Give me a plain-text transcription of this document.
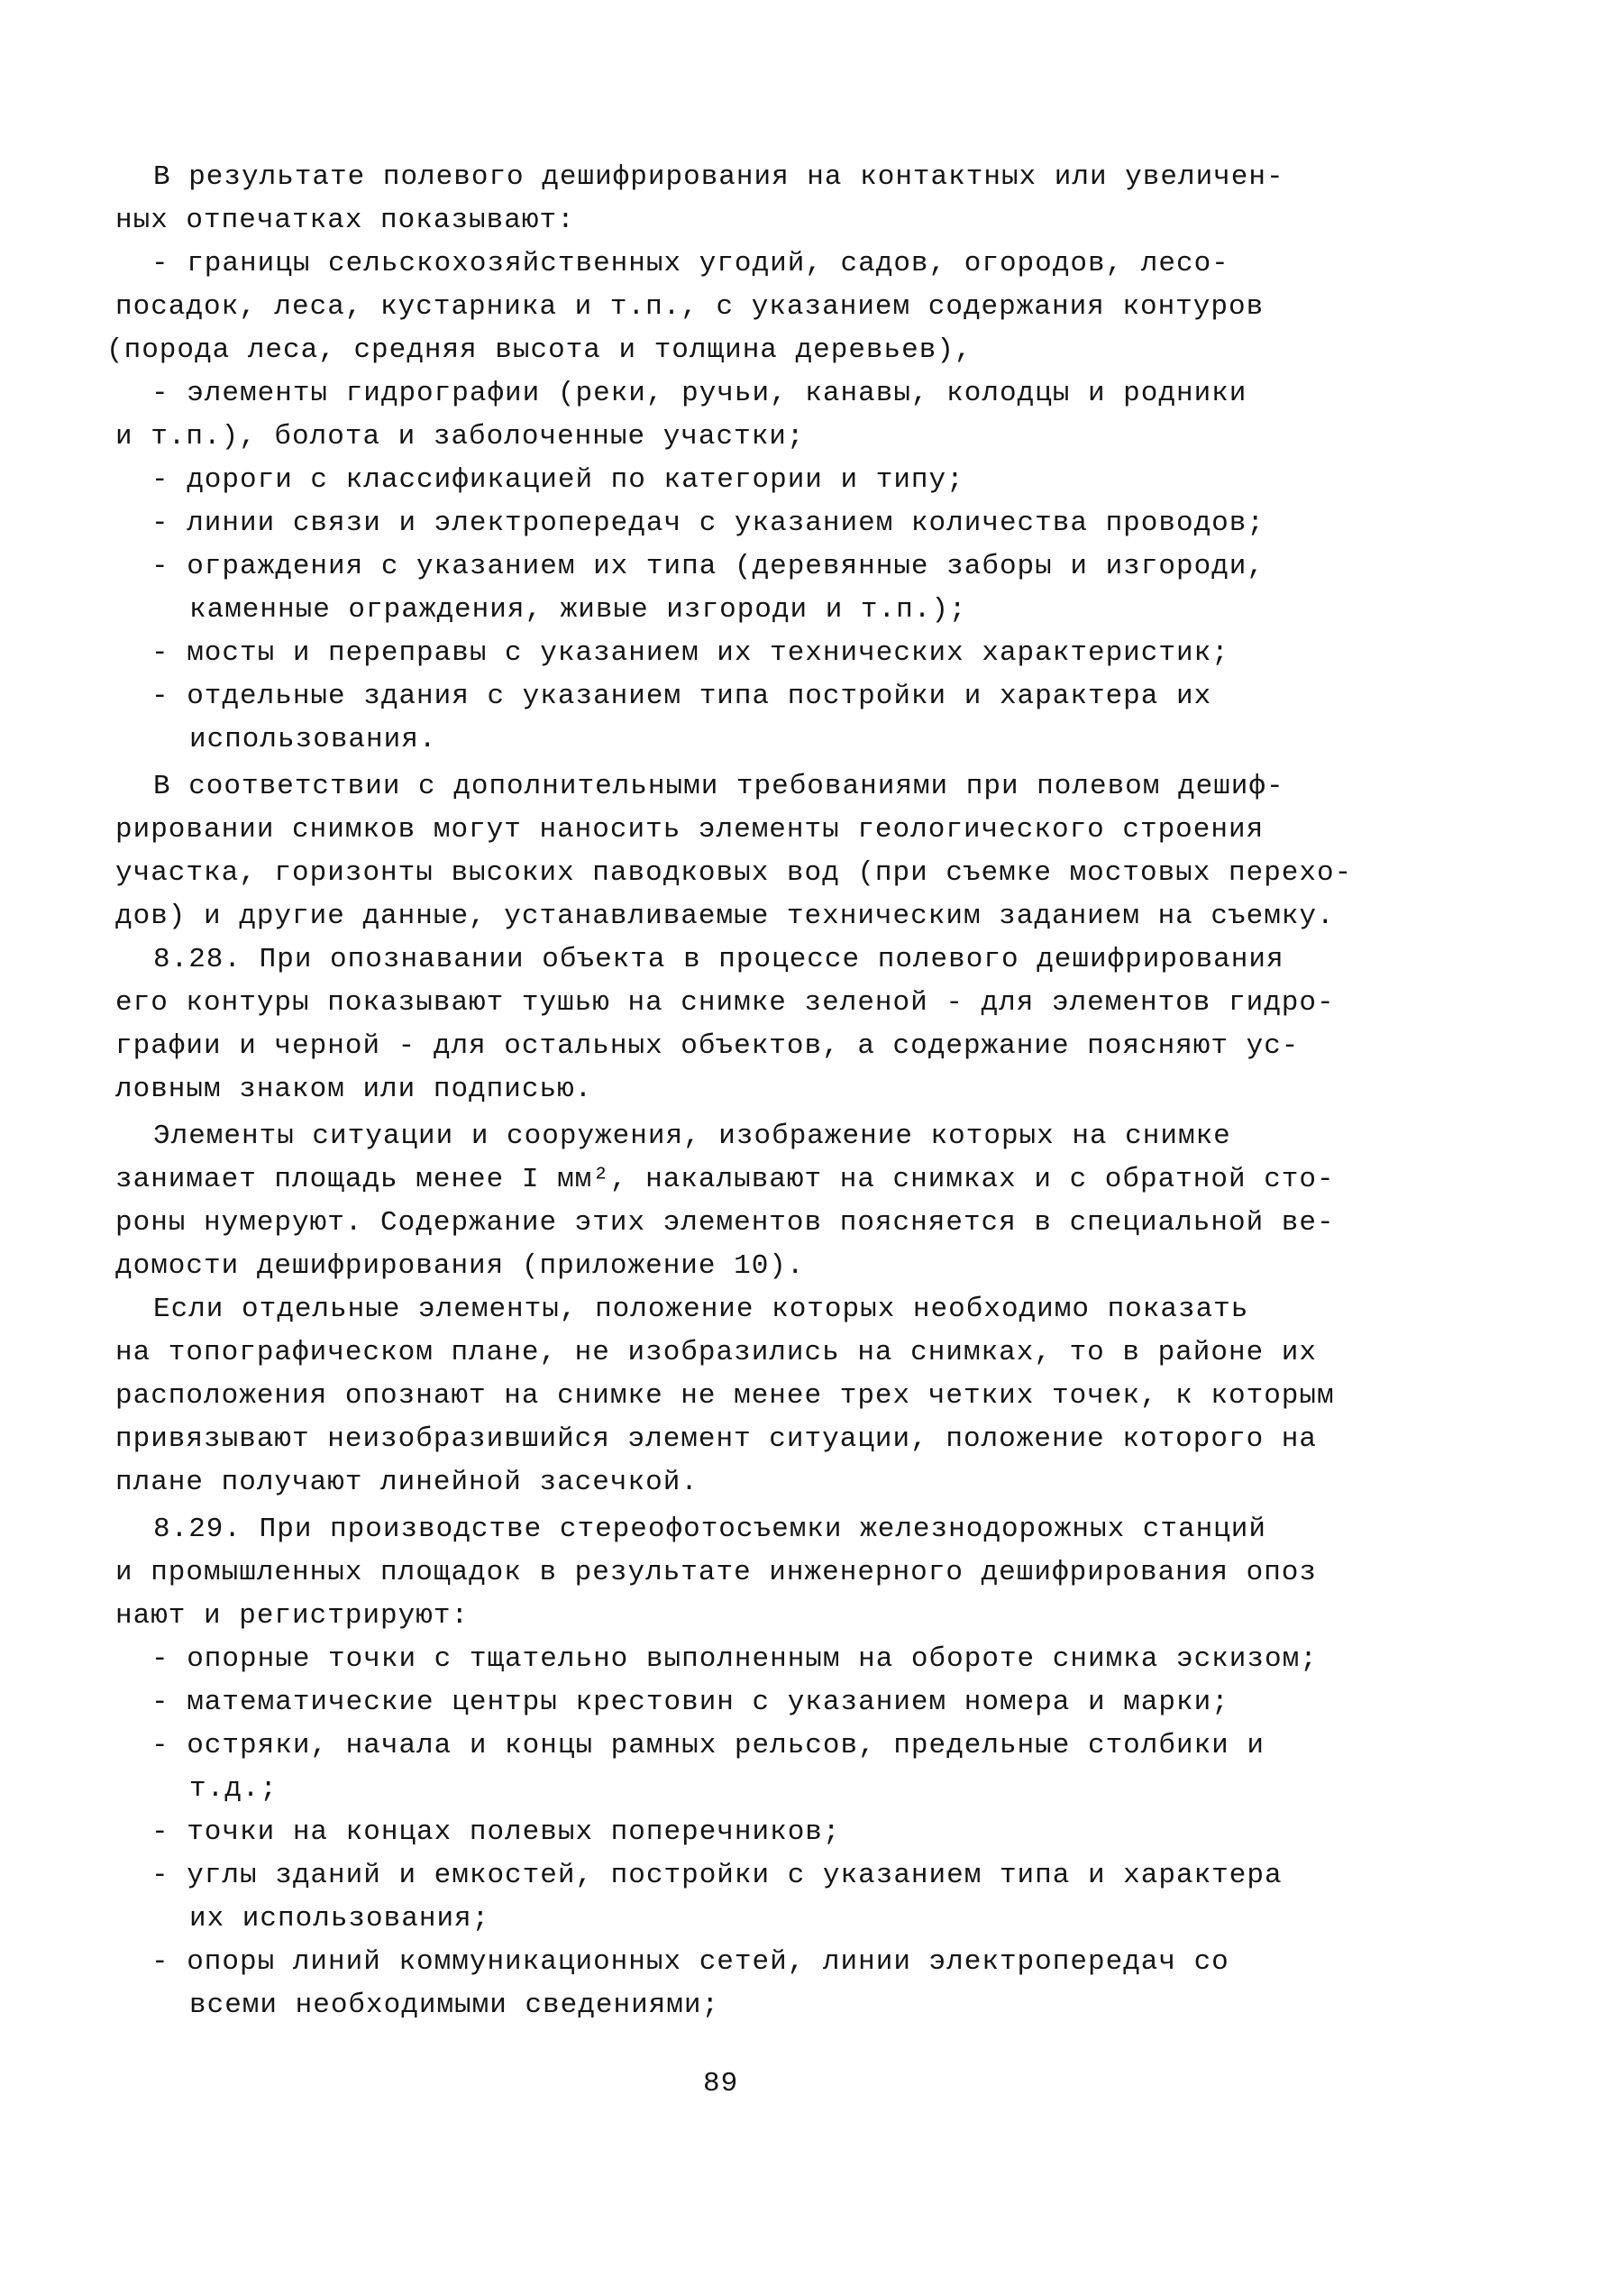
В результате полевого дешифрирования на контактных или увеличен-
ных отпечатках показывают:
- границы сельскохозяйственных угодий, садов, огородов, лесо-
посадок, леса, кустарника и т.п., с указанием содержания контуров
(порода леса, средняя высота и толщина деревьев),
- элементы гидрографии (реки, ручьи, канавы, колодцы и родники
и т.п.), болота и заболоченные участки;
- дороги с классификацией по категории и типу;
- линии связи и электропередач с указанием количества проводов;
- ограждения с указанием их типа (деревянные заборы и изгороди,
каменные ограждения, живые изгороди и т.п.);
- мосты и переправы с указанием их технических характеристик;
- отдельные здания с указанием типа постройки и характера их
использования.
В соответствии с дополнительными требованиями при полевом дешиф-
рировании снимков могут наносить элементы геологического строения
участка, горизонты высоких паводковых вод (при съемке мостовых перехо-
дов) и другие данные, устанавливаемые техническим заданием на съемку.
8.28. При опознавании объекта в процессе полевого дешифрирования
его контуры показывают тушью на снимке зеленой - для элементов гидро-
графии и черной - для остальных объектов, а содержание поясняют ус-
ловным знаком или подписью.
Элементы ситуации и сооружения, изображение которых на снимке
занимает площадь менее I мм², накалывают на снимках и с обратной сто-
роны нумеруют. Содержание этих элементов поясняется в специальной ве-
домости дешифрирования (приложение 10).
Если отдельные элементы, положение которых необходимо показать
на топографическом плане, не изобразились на снимках, то в районе их
расположения опознают на снимке не менее трех четких точек, к которым
привязывают неизобразившийся элемент ситуации, положение которого на
плане получают линейной засечкой.
8.29. При производстве стереофотосъемки железнодорожных станций
и промышленных площадок в результате инженерного дешифрирования опоз
нают и регистрируют:
- опорные точки с тщательно выполненным на обороте снимка эскизом;
- математические центры крестовин с указанием номера и марки;
- остряки, начала и концы рамных рельсов, предельные столбики и
т.д.;
- точки на концах полевых поперечников;
- углы зданий и емкостей, постройки с указанием типа и характера
их использования;
- опоры линий коммуникационных сетей, линии электропередач со
всеми необходимыми сведениями;
89
